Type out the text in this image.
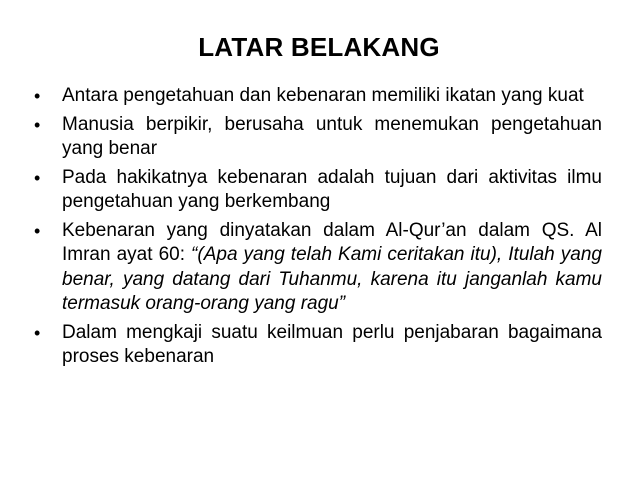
LATAR BELAKANG
•	Antara pengetahuan dan kebenaran memiliki ikatan yang kuat
•	Manusia berpikir, berusaha untuk menemukan pengetahuan yang benar
•	Pada hakikatnya kebenaran adalah tujuan dari aktivitas ilmu pengetahuan yang berkembang
•	Kebenaran yang dinyatakan dalam Al-Qur’an dalam QS. Al Imran ayat 60: “(Apa yang telah Kami ceritakan itu), Itulah yang benar, yang datang dari Tuhanmu, karena itu janganlah kamu termasuk orang-orang yang ragu”
•	Dalam mengkaji suatu keilmuan perlu penjabaran bagaimana proses kebenaran
